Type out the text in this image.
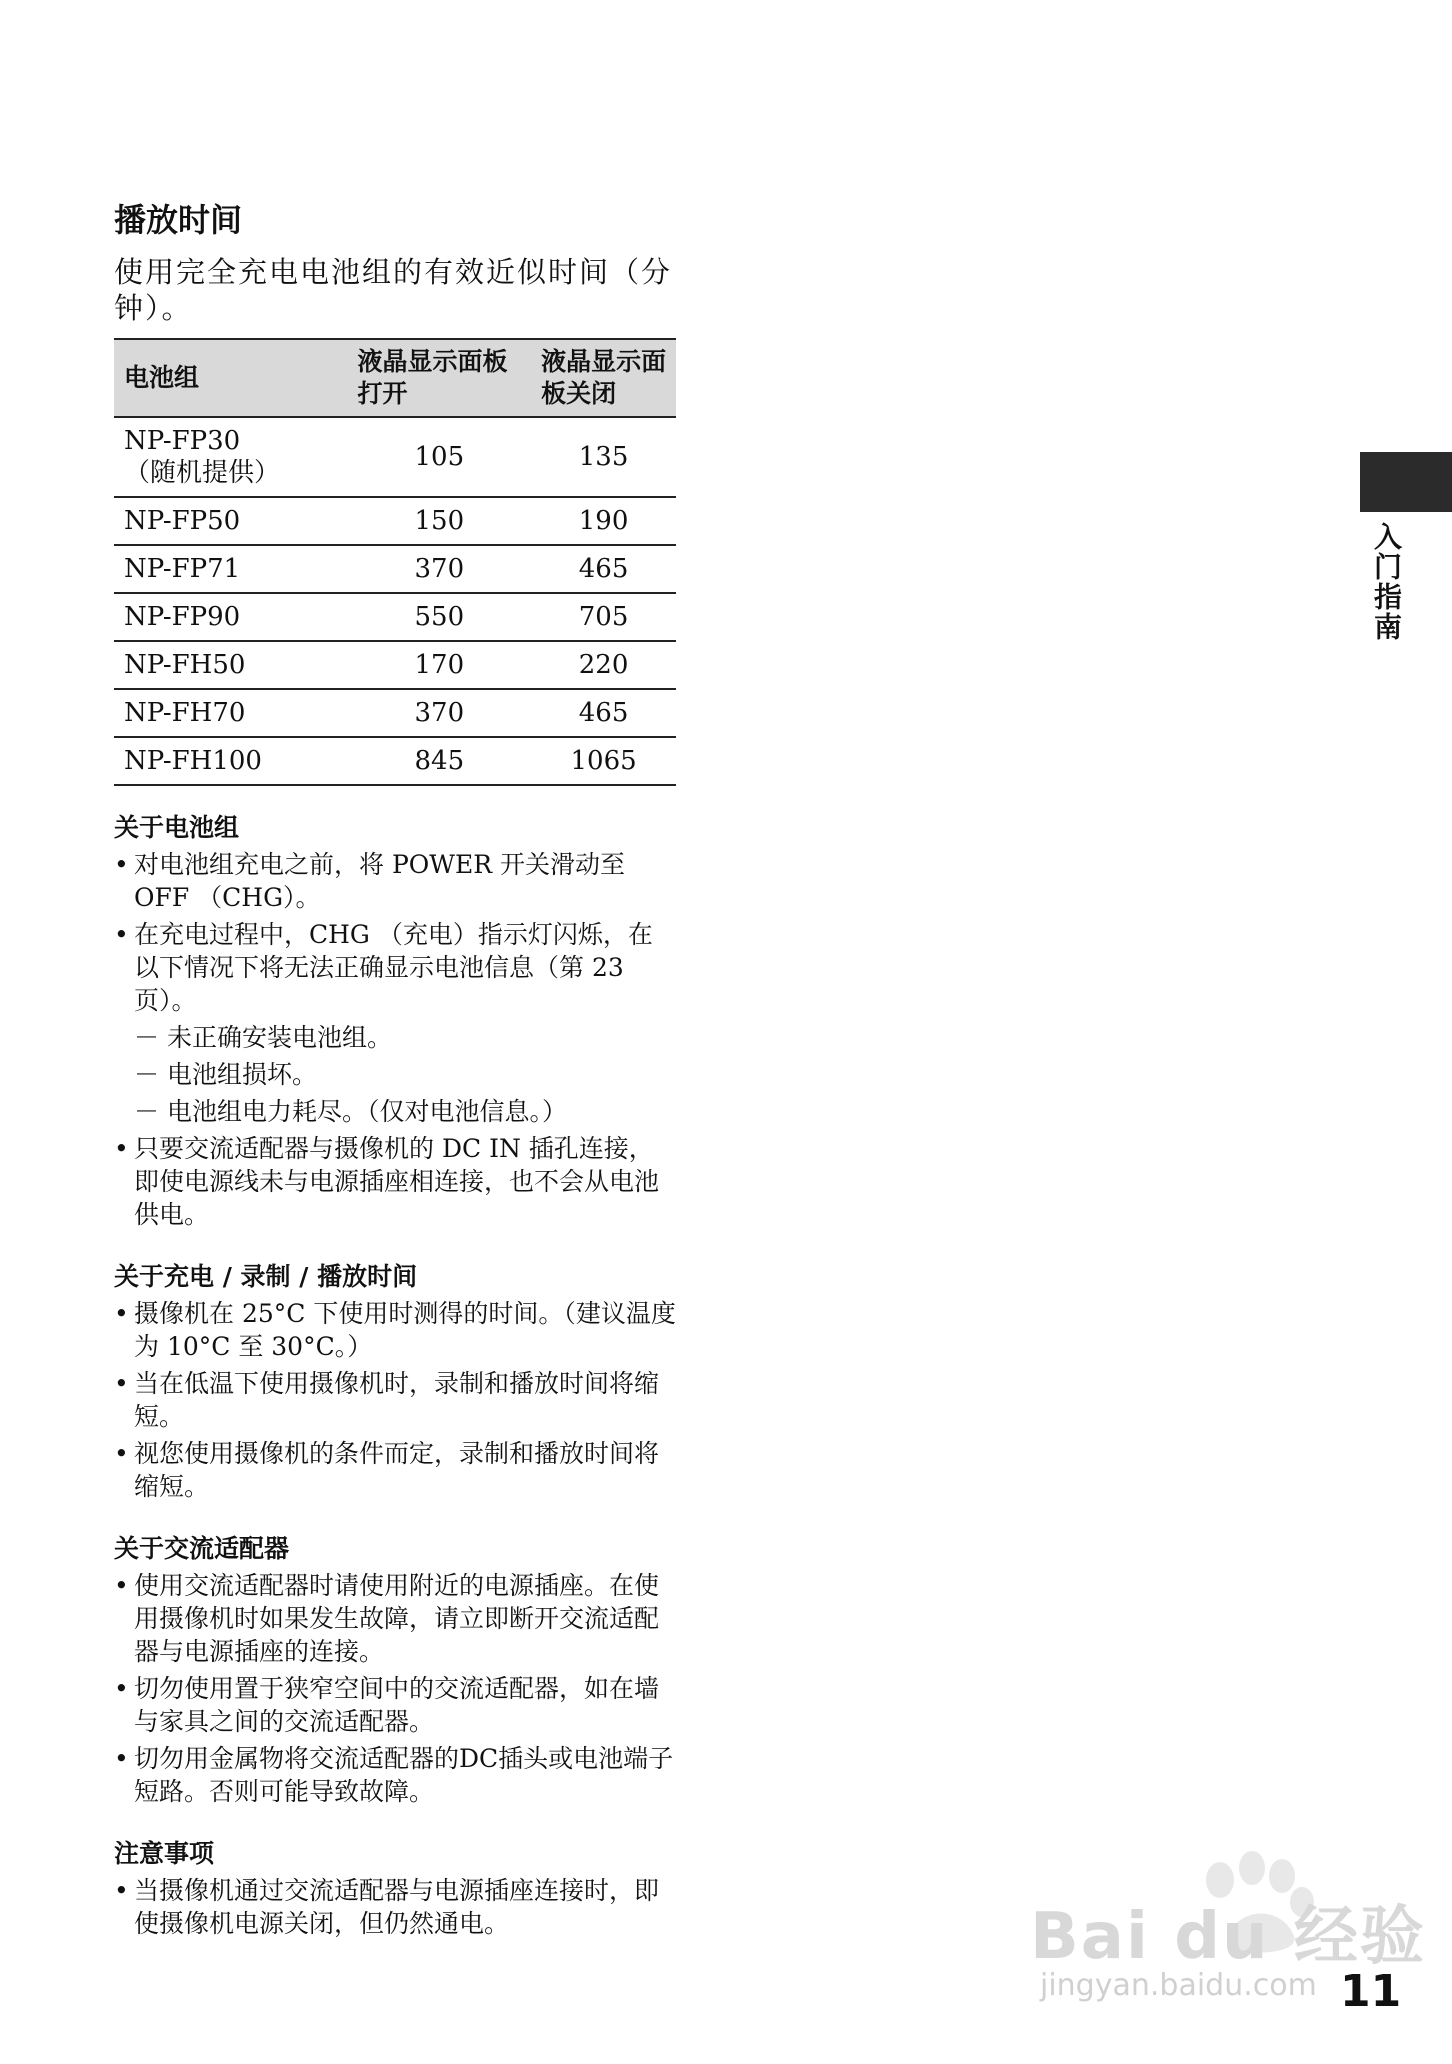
播放时间
使用完全充电电池组的有效近似时间（分钟）。
电池组	液晶显示面板打开	液晶显示面板关闭
NP-FP30
（随机提供）	105	135
NP-FP50	150	190
NP-FP71	370	465
NP-FP90	550	705
NP-FH50	170	220
NP-FH70	370	465
NP-FH100	845	1065
关于电池组
• 对电池组充电之前，将 POWER 开关滑动至 OFF （CHG）。
• 在充电过程中，CHG （充电）指示灯闪烁，在以下情况下将无法正确显示电池信息（第 23 页）。
－ 未正确安装电池组。
－ 电池组损坏。
－ 电池组电力耗尽。（仅对电池信息。）
• 只要交流适配器与摄像机的 DC IN 插孔连接，即使电源线未与电源插座相连接，也不会从电池供电。
关于充电 / 录制 / 播放时间
• 摄像机在 25°C 下使用时测得的时间。（建议温度为 10°C 至 30°C。）
• 当在低温下使用摄像机时，录制和播放时间将缩短。
• 视您使用摄像机的条件而定，录制和播放时间将缩短。
关于交流适配器
• 使用交流适配器时请使用附近的电源插座。在使用摄像机时如果发生故障，请立即断开交流适配器与电源插座的连接。
• 切勿使用置于狭窄空间中的交流适配器，如在墙与家具之间的交流适配器。
• 切勿用金属物将交流适配器的DC插头或电池端子短路。否则可能导致故障。
注意事项
• 当摄像机通过交流适配器与电源插座连接时，即使摄像机电源关闭，但仍然通电。
入门指南
Bai du 经验
jingyan.baidu.com 11
